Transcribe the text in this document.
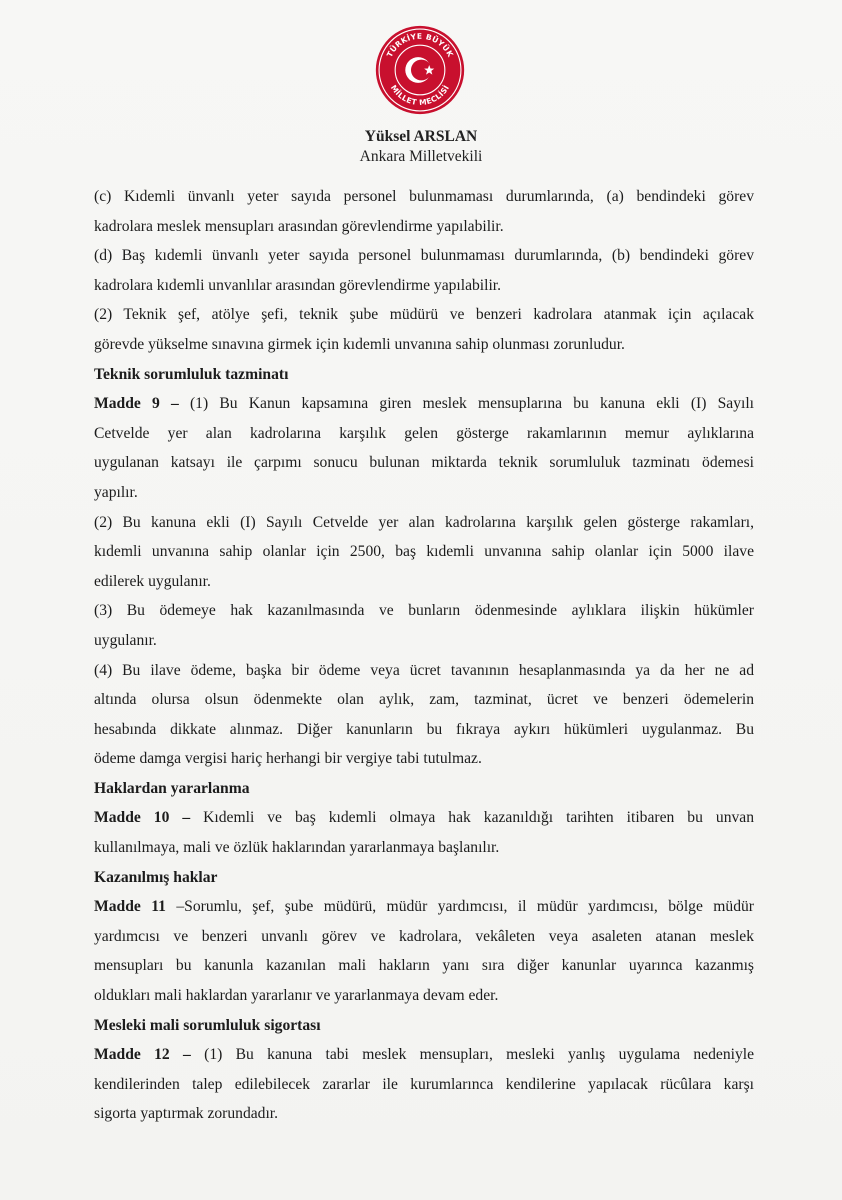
TÜRKİYE BÜYÜK
MİLLET MECLİSİ
Yüksel ARSLAN
Ankara Milletvekili
(c) Kıdemli ünvanlı yeter sayıda personel bulunmaması durumlarında, (a) bendindeki görev
kadrolara meslek mensupları arasından görevlendirme yapılabilir.
(d) Baş kıdemli ünvanlı yeter sayıda personel bulunmaması durumlarında, (b) bendindeki görev
kadrolara kıdemli unvanlılar arasından görevlendirme yapılabilir.
(2) Teknik şef, atölye şefi, teknik şube müdürü ve benzeri kadrolara atanmak için açılacak
görevde yükselme sınavına girmek için kıdemli unvanına sahip olunması zorunludur.
Teknik sorumluluk tazminatı
Madde 9 – (1) Bu Kanun kapsamına giren meslek mensuplarına bu kanuna ekli (I) Sayılı
Cetvelde yer alan kadrolarına karşılık gelen gösterge rakamlarının memur aylıklarına
uygulanan katsayı ile çarpımı sonucu bulunan miktarda teknik sorumluluk tazminatı ödemesi
yapılır.
(2) Bu kanuna ekli (I) Sayılı Cetvelde yer alan kadrolarına karşılık gelen gösterge rakamları,
kıdemli unvanına sahip olanlar için 2500, baş kıdemli unvanına sahip olanlar için 5000 ilave
edilerek uygulanır.
(3) Bu ödemeye hak kazanılmasında ve bunların ödenmesinde aylıklara ilişkin hükümler
uygulanır.
(4) Bu ilave ödeme, başka bir ödeme veya ücret tavanının hesaplanmasında ya da her ne ad
altında olursa olsun ödenmekte olan aylık, zam, tazminat, ücret ve benzeri ödemelerin
hesabında dikkate alınmaz. Diğer kanunların bu fıkraya aykırı hükümleri uygulanmaz. Bu
ödeme damga vergisi hariç herhangi bir vergiye tabi tutulmaz.
Haklardan yararlanma
Madde 10 – Kıdemli ve baş kıdemli olmaya hak kazanıldığı tarihten itibaren bu unvan
kullanılmaya, mali ve özlük haklarından yararlanmaya başlanılır.
Kazanılmış haklar
Madde 11 –Sorumlu, şef, şube müdürü, müdür yardımcısı, il müdür yardımcısı, bölge müdür
yardımcısı ve benzeri unvanlı görev ve kadrolara, vekâleten veya asaleten atanan meslek
mensupları bu kanunla kazanılan mali hakların yanı sıra diğer kanunlar uyarınca kazanmış
oldukları mali haklardan yararlanır ve yararlanmaya devam eder.
Mesleki mali sorumluluk sigortası
Madde 12 – (1) Bu kanuna tabi meslek mensupları, mesleki yanlış uygulama nedeniyle
kendilerinden talep edilebilecek zararlar ile kurumlarınca kendilerine yapılacak rücûlara karşı
sigorta yaptırmak zorundadır.
